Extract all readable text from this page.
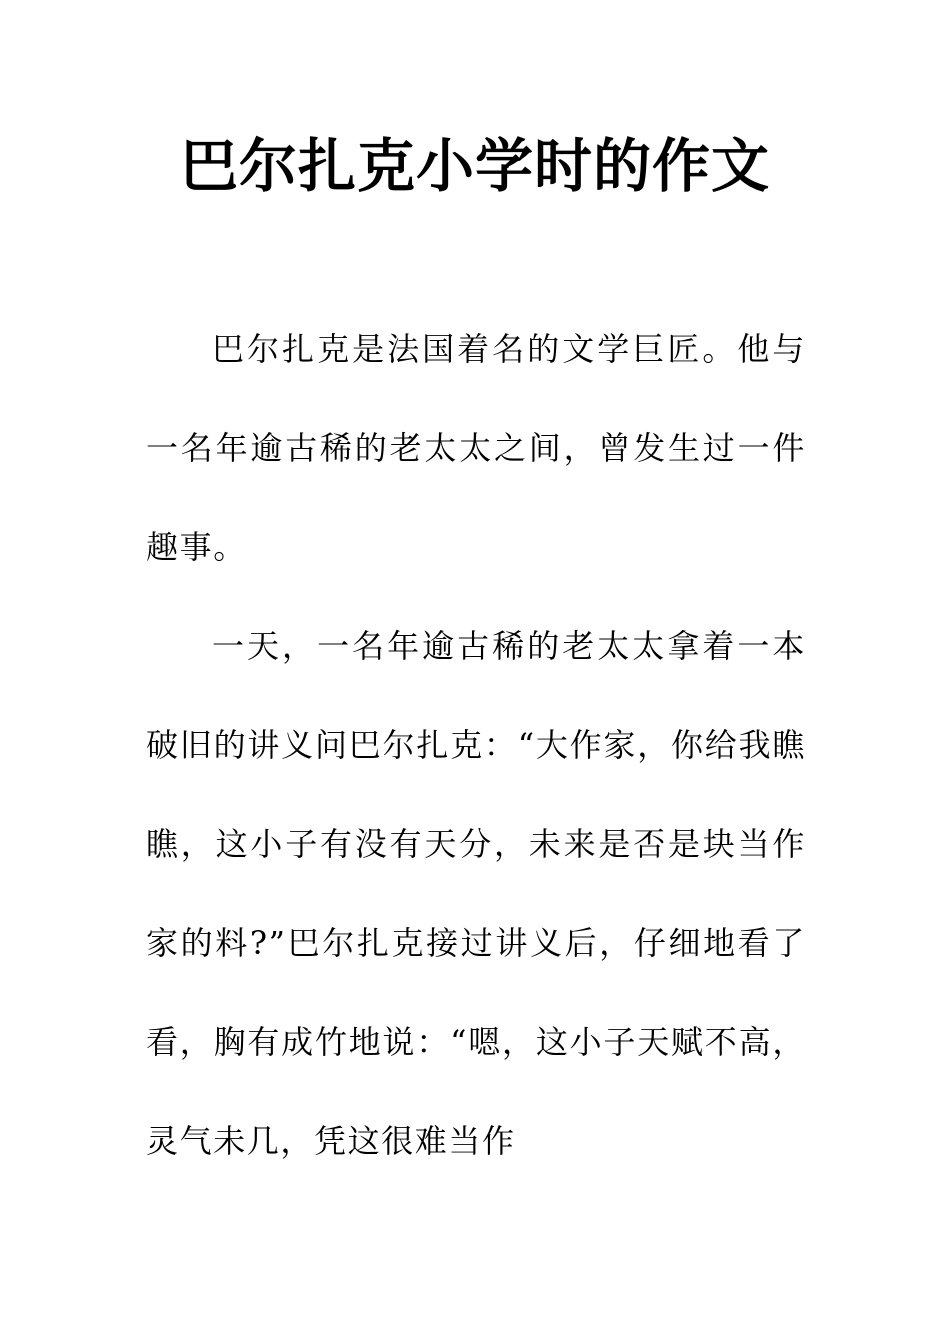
巴尔扎克小学时的作文

巴尔扎克是法国着名的文学巨匠。他与一名年逾古稀的老太太之间，曾发生过一件趣事。

一天，一名年逾古稀的老太太拿着一本破旧的讲义问巴尔扎克：“大作家，你给我瞧瞧，这小子有没有天分，未来是否是块当作家的料?”巴尔扎克接过讲义后，仔细地看了看，胸有成竹地说：“嗯，这小子天赋不高，灵气未几，凭这很难当作
